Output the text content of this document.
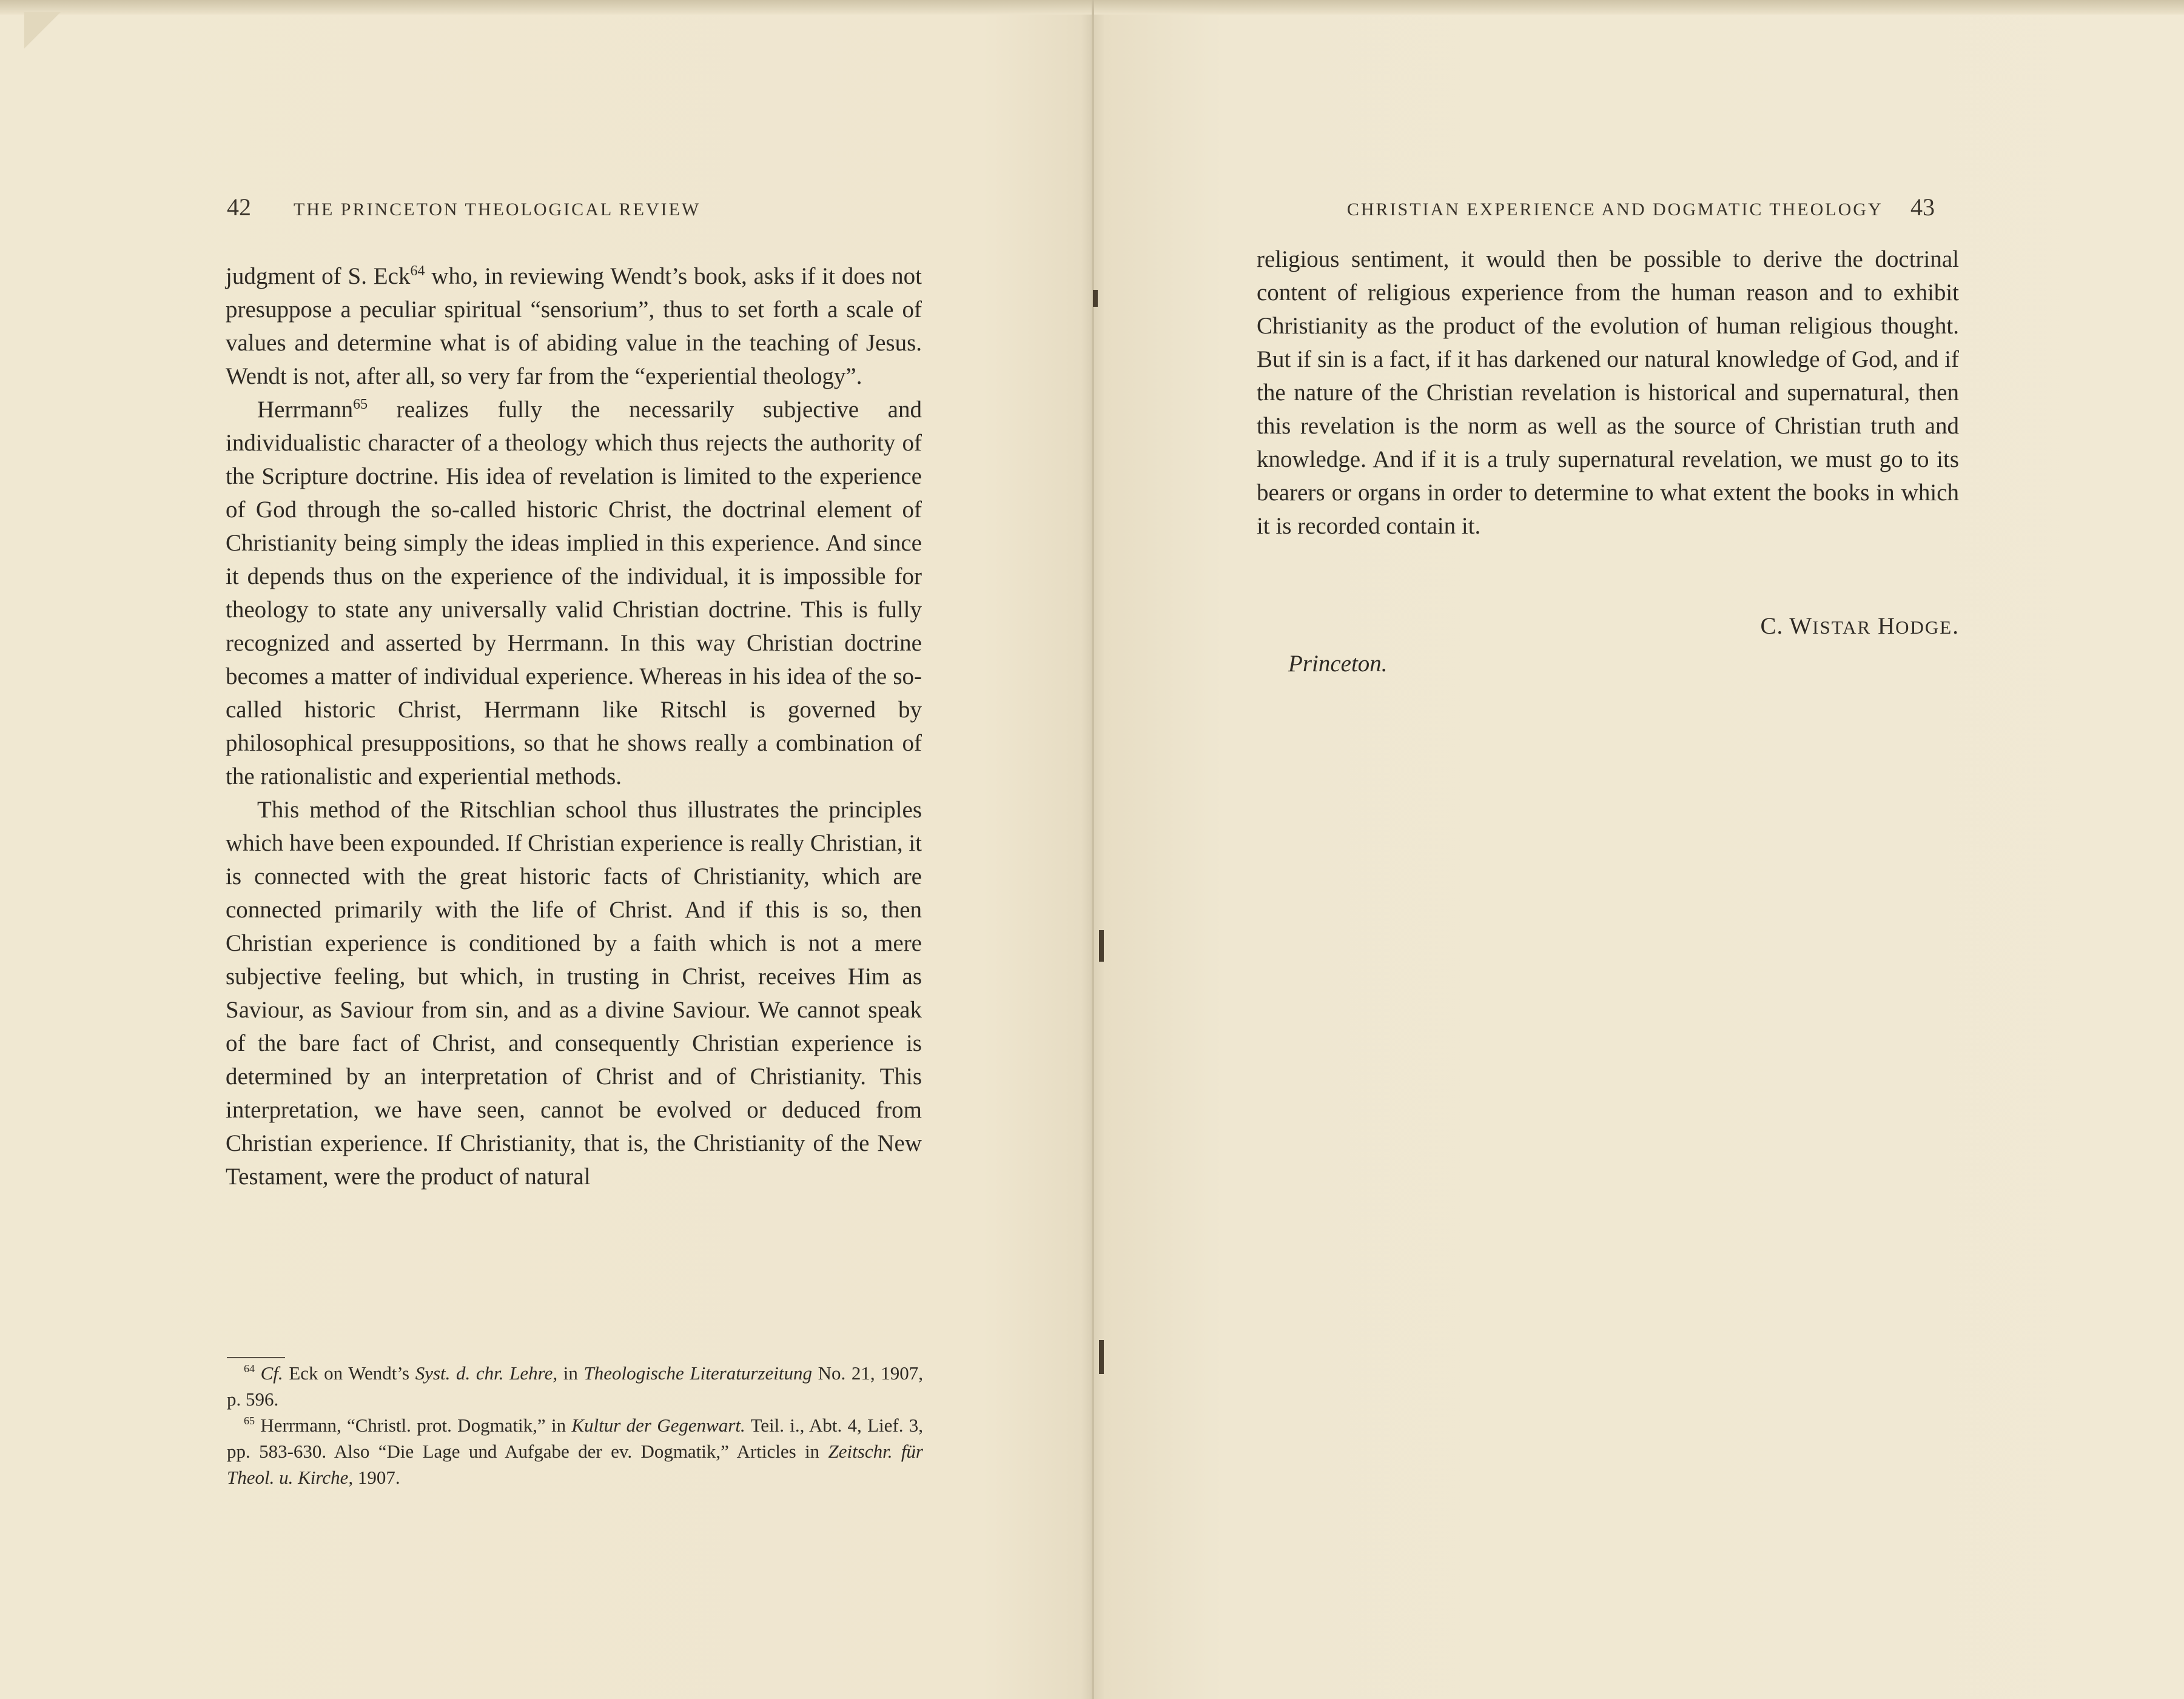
42 THE PRINCETON THEOLOGICAL REVIEW

judgment of S. Eck$^{64}$ who, in reviewing Wendt’s book, asks if it does not presuppose a peculiar spiritual “sensorium”, thus to set forth a scale of values and determine what is of abiding value in the teaching of Jesus. Wendt is not, after all, so very far from the “experiential theology”.

Herrmann$^{65}$ realizes fully the necessarily subjective and individualistic character of a theology which thus rejects the authority of the Scripture doctrine. His idea of revelation is limited to the experience of God through the so-called historic Christ, the doctrinal element of Christianity being simply the ideas implied in this experience. And since it depends thus on the experience of the individual, it is impossible for theology to state any universally valid Christian doctrine. This is fully recognized and asserted by Herrmann. In this way Christian doctrine becomes a matter of individual experience. Whereas in his idea of the so-called historic Christ, Herrmann like Ritschl is governed by philosophical presuppositions, so that he shows really a combination of the rationalistic and experiential methods.

This method of the Ritschlian school thus illustrates the principles which have been expounded. If Christian experience is really Christian, it is connected with the great historic facts of Christianity, which are connected primarily with the life of Christ. And if this is so, then Christian experience is conditioned by a faith which is not a mere subjective feeling, but which, in trusting in Christ, receives Him as Saviour, as Saviour from sin, and as a divine Saviour. We cannot speak of the bare fact of Christ, and consequently Christian experience is determined by an interpretation of Christ and of Christianity. This interpretation, we have seen, cannot be evolved or deduced from Christian experience. If Christianity, that is, the Christianity of the New Testament, were the product of natural

$^{64}$ Cf. Eck on Wendt’s Syst. d. chr. Lehre, in Theologische Literaturzeitung No. 21, 1907, p. 596.

$^{65}$ Herrmann, “Christl. prot. Dogmatik,” in Kultur der Gegenwart. Teil. i., Abt. 4, Lief. 3, pp. 583-630. Also “Die Lage und Aufgabe der ev. Dogmatik,” Articles in Zeitschr. für Theol. u. Kirche, 1907.

CHRISTIAN EXPERIENCE AND DOGMATIC THEOLOGY 43

religious sentiment, it would then be possible to derive the doctrinal content of religious experience from the human reason and to exhibit Christianity as the product of the evolution of human religious thought. But if sin is a fact, if it has darkened our natural knowledge of God, and if the nature of the Christian revelation is historical and supernatural, then this revelation is the norm as well as the source of Christian truth and knowledge. And if it is a truly supernatural revelation, we must go to its bearers or organs in order to determine to what extent the books in which it is recorded contain it.

C. WISTAR HODGE.
Princeton.
